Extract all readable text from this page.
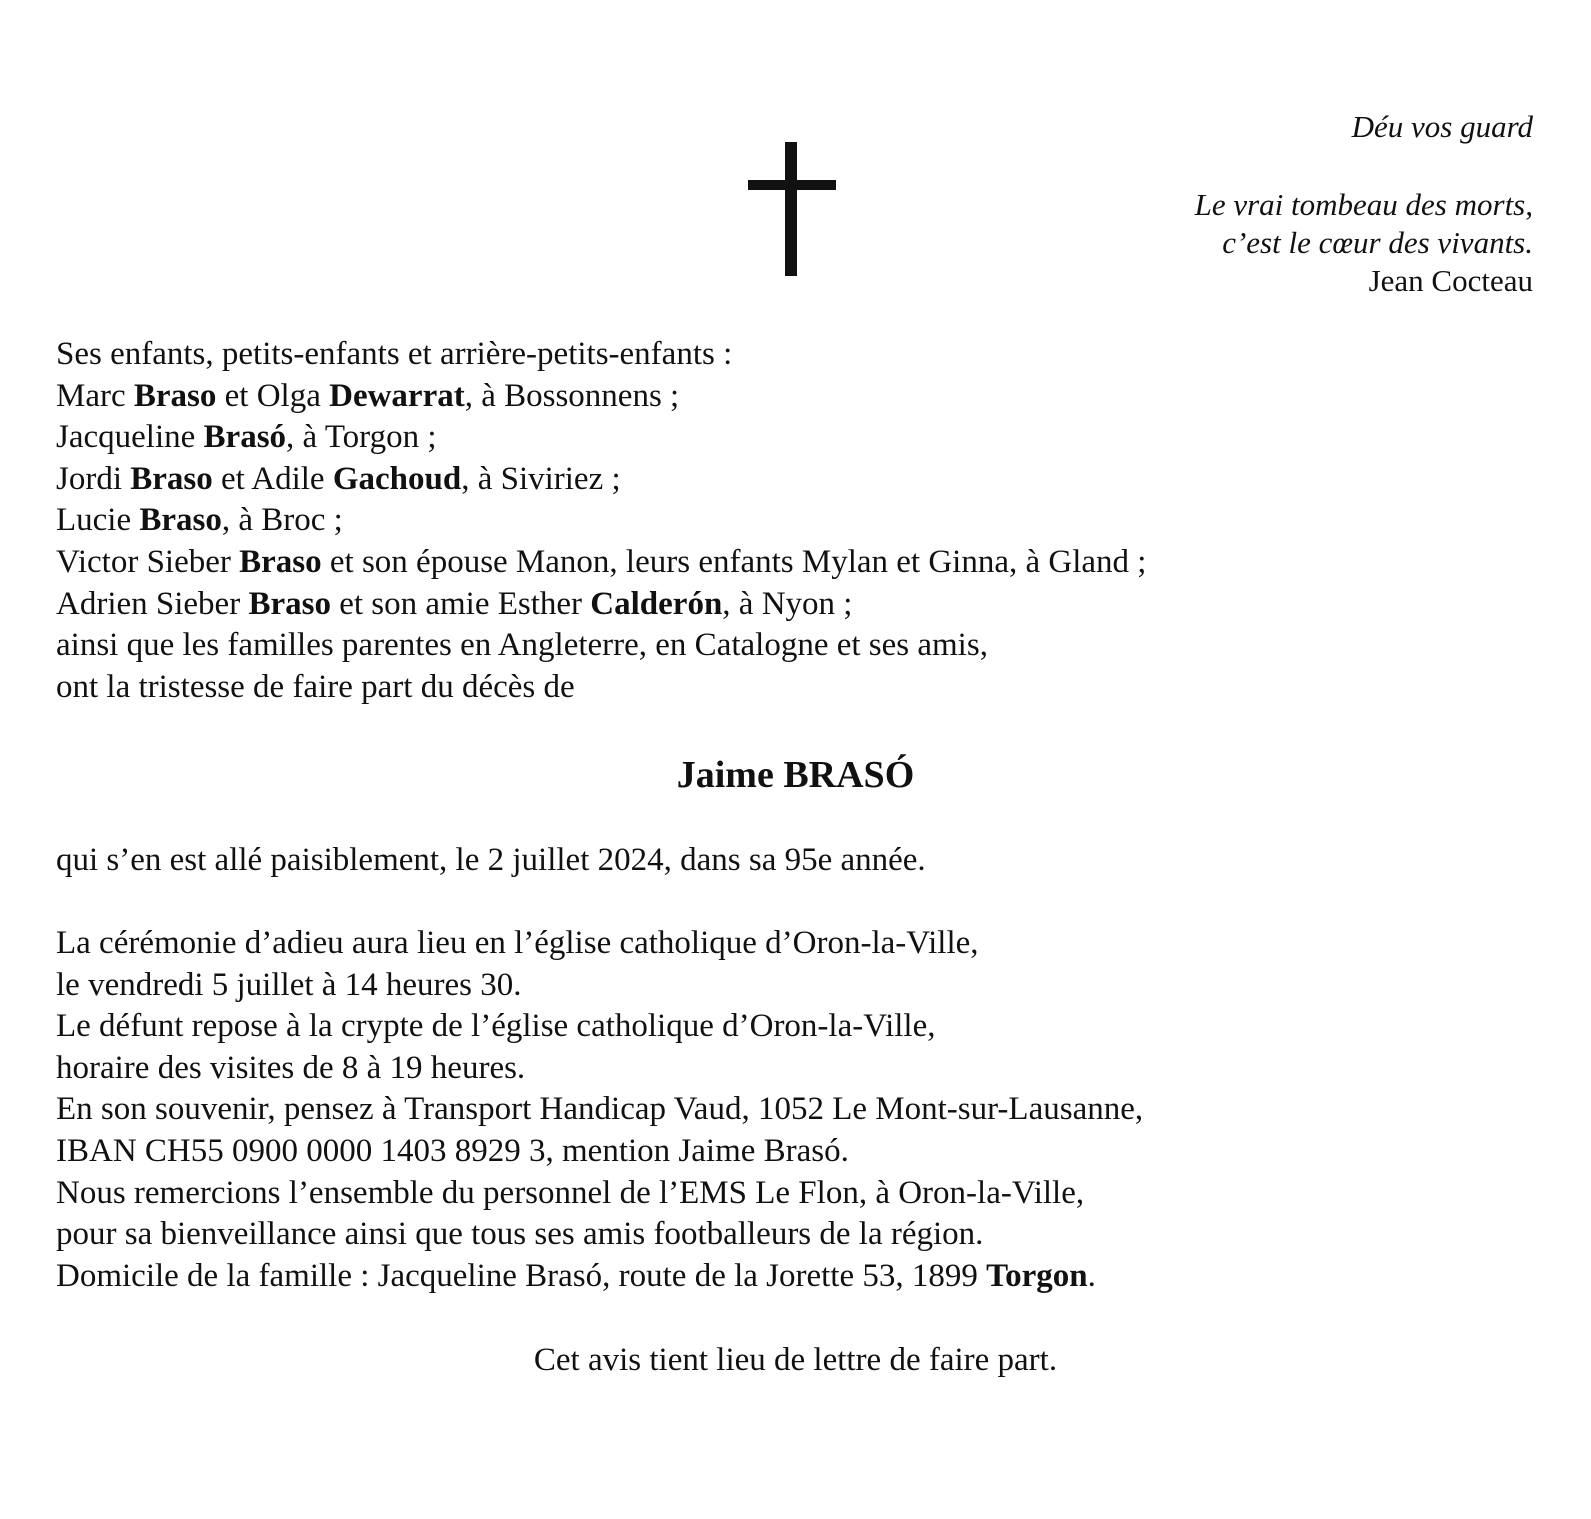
Déu vos guard
Le vrai tombeau des morts,
c’est le cœur des vivants.
Jean Cocteau

Ses enfants, petits-enfants et arrière-petits-enfants :

Marc Braso et Olga Dewarrat, à Bossonnens ;

Jacqueline Brasó, à Torgon ;

Jordi Braso et Adile Gachoud, à Siviriez ;

Lucie Braso, à Broc ;

Victor Sieber Braso et son épouse Manon, leurs enfants Mylan et Ginna, à Gland ;

Adrien Sieber Braso et son amie Esther Calderón, à Nyon ;

ainsi que les familles parentes en Angleterre, en Catalogne et ses amis,

ont la tristesse de faire part du décès de

Jaime BRASÓ
qui s’en est allé paisiblement, le 2 juillet 2024, dans sa 95e année.

La cérémonie d’adieu aura lieu en l’église catholique d’Oron-la-Ville,

le vendredi 5 juillet à 14 heures 30.

Le défunt repose à la crypte de l’église catholique d’Oron-la-Ville,

horaire des visites de 8 à 19 heures.

En son souvenir, pensez à Transport Handicap Vaud, 1052 Le Mont-sur-Lausanne,

IBAN CH55 0900 0000 1403 8929 3, mention Jaime Brasó.

Nous remercions l’ensemble du personnel de l’EMS Le Flon, à Oron-la-Ville,

pour sa bienveillance ainsi que tous ses amis footballeurs de la région.

Domicile de la famille : Jacqueline Brasó, route de la Jorette 53, 1899 Torgon.

Cet avis tient lieu de lettre de faire part.
